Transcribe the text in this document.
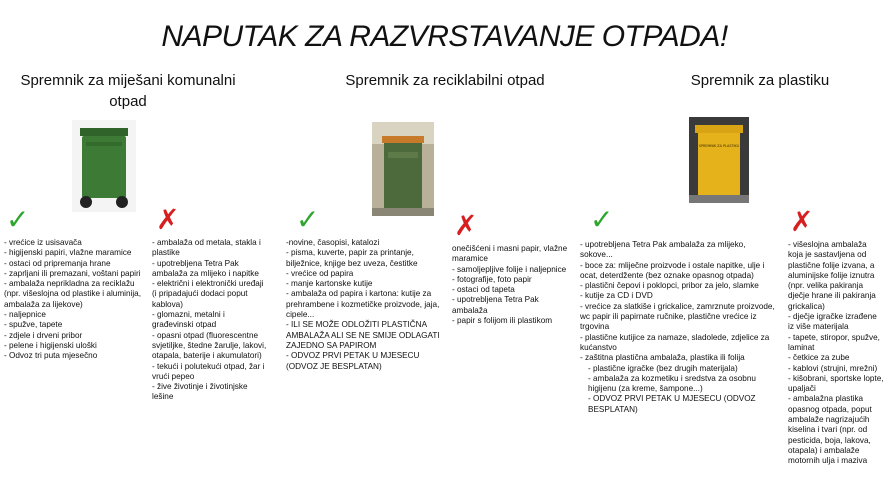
NAPUTAK ZA RAZVRSTAVANJE OTPADA!
Spremnik za miješani komunalni otpad
✓	✗
- vrećice iz usisavača
- higijenski papiri, vlažne maramice
- ostaci od pripremanja hrane
- zaprljani ili premazani, voštani papiri
- ambalaža neprikladna za reciklažu (npr. višeslojna od plastike i aluminija, ambalaža za lijekove)
- naljepnice
- spužve, tapete
- zdjele i drveni pribor
- pelene i higijenski uloški
- Odvoz tri puta mjesečno
- ambalaža od metala, stakla i plastike
- upotrebljena Tetra Pak ambalaža za mlijeko i napitke
- električni i elektronički uređaji (i pripadajući dodaci poput kablova)
- glomazni, metalni i građevinski otpad
- opasni otpad (fluorescentne svjetiljke, štedne žarulje, lakovi, otapala, baterije i akumulatori)
- tekući i polutekući otpad, žar i vrući pepeo
- žive životinje i životinjske lešine
Spremnik za reciklabilni otpad
✓	✗
-novine, časopisi, katalozi
- pisma, kuverte, papir za printanje, bilježnice, knjige bez uveza, čestitke
- vrećice od papira
- manje kartonske kutije
- ambalaža od papira i kartona: kutije za prehrambene i kozmetičke proizvode, jaja, cipele...
- ILI SE MOŽE ODLOŽITI PLASTIČNA AMBALAŽA ALI SE NE SMIJE ODLAGATI ZAJEDNO SA PAPIROM
- ODVOZ PRVI PETAK U MJESECU (ODVOZ JE BESPLATAN)
onečišćeni i masni papir, vlažne maramice
- samoljepljive folije i naljepnice
- fotografije, foto papir
- ostaci od tapeta
- upotrebljena Tetra Pak ambalaža
- papir s folijom ili plastikom
Spremnik za plastiku
SPREMNIK ZA PLASTIKU
✓	✗
- upotrebljena Tetra Pak ambalaža za mlijeko, sokove...
- boce za: mliječne proizvode i ostale napitke, ulje i ocat, deterdžente (bez oznake opasnog otpada)
- plastični čepovi i poklopci, pribor za jelo, slamke
- kutije za CD i DVD
- vrećice za slatkiše i grickalice, zamrznute proizvode, wc papir ili papirnate ručnike, plastične vrećice iz trgovina
- plastične kutijice za namaze, sladolede, zdjelice za kućanstvo
- zaštitna plastična ambalaža, plastika ili folija
- plastične igračke (bez drugih materijala)
- ambalaža za kozmetiku i sredstva za osobnu higijenu (za kreme, šampone...)
- ODVOZ PRVI PETAK U MJESECU (ODVOZ BESPLATAN)
- višeslojna ambalaža koja je sastavljena od plastične folije izvana, a aluminijske folije iznutra (npr. velika pakiranja dječje hrane ili pakiranja grickalica)
- dječje igračke izrađene iz više materijala
- tapete, stiropor, spužve, laminat
- četkice za zube
- kablovi (strujni, mrežni)
- kišobrani, sportske lopte, upaljači
- ambalažna plastika opasnog otpada, poput ambalaže nagrizajućih kiselina i tvari (npr. od pesticida, boja, lakova, otapala) i ambalaže motornih ulja i maziva
